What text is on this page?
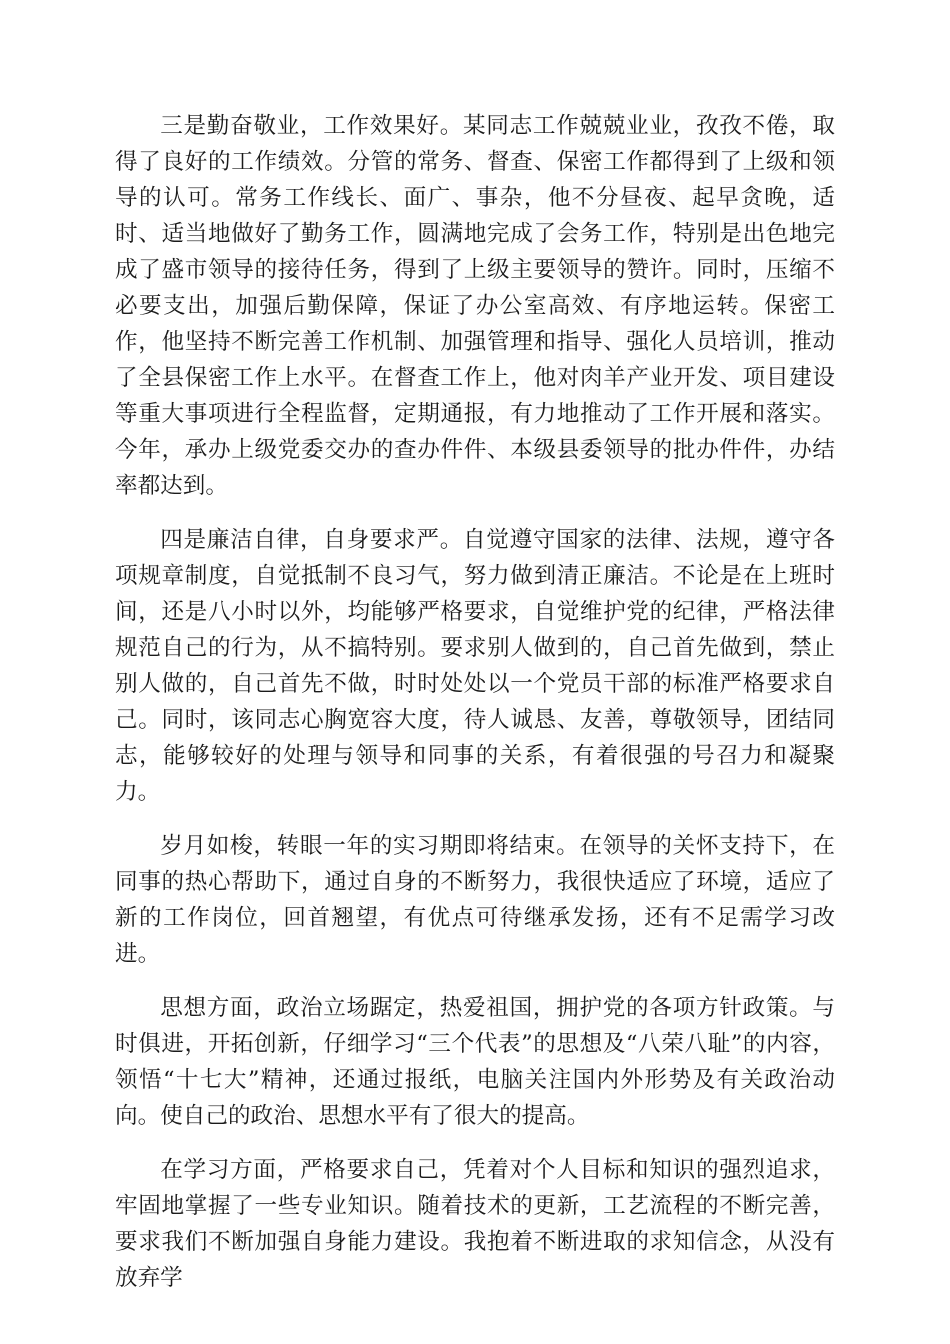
三是勤奋敬业，工作效果好。某同志工作兢兢业业，孜孜不倦，取得了良好的工作绩效。分管的常务、督查、保密工作都得到了上级和领导的认可。常务工作线长、面广、事杂，他不分昼夜、起早贪晚，适时、适当地做好了勤务工作，圆满地完成了会务工作，特别是出色地完成了盛市领导的接待任务，得到了上级主要领导的赞许。同时，压缩不必要支出，加强后勤保障，保证了办公室高效、有序地运转。保密工作，他坚持不断完善工作机制、加强管理和指导、强化人员培训，推动了全县保密工作上水平。在督查工作上，他对肉羊产业开发、项目建设等重大事项进行全程监督，定期通报，有力地推动了工作开展和落实。今年，承办上级党委交办的查办件件、本级县委领导的批办件件，办结率都达到。

四是廉洁自律，自身要求严。自觉遵守国家的法律、法规，遵守各项规章制度，自觉抵制不良习气，努力做到清正廉洁。不论是在上班时间，还是八小时以外，均能够严格要求，自觉维护党的纪律，严格法律规范自己的行为，从不搞特别。要求别人做到的，自己首先做到，禁止别人做的，自己首先不做，时时处处以一个党员干部的标准严格要求自己。同时，该同志心胸宽容大度，待人诚恳、友善，尊敬领导，团结同志，能够较好的处理与领导和同事的关系，有着很强的号召力和凝聚力。

岁月如梭，转眼一年的实习期即将结束。在领导的关怀支持下，在同事的热心帮助下，通过自身的不断努力，我很快适应了环境，适应了新的工作岗位，回首翘望，有优点可待继承发扬，还有不足需学习改进。

思想方面，政治立场踞定，热爱祖国，拥护党的各项方针政策。与时俱进，开拓创新，仔细学习“三个代表”的思想及“八荣八耻”的内容，领悟“十七大”精神，还通过报纸，电脑关注国内外形势及有关政治动向。使自己的政治、思想水平有了很大的提高。

在学习方面，严格要求自己，凭着对个人目标和知识的强烈追求，牢固地掌握了一些专业知识。随着技术的更新，工艺流程的不断完善，要求我们不断加强自身能力建设。我抱着不断进取的求知信念，从没有放弃学
